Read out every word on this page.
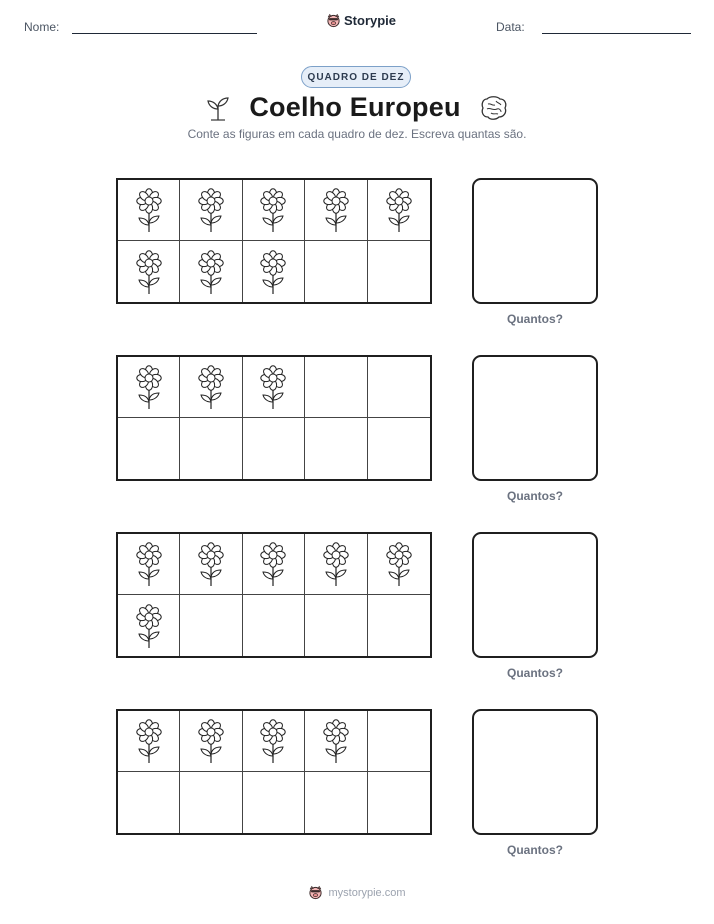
Nome:	Storypie	Data:
QUADRO DE DEZ
Coelho Europeu
Conte as figuras em cada quadro de dez. Escreva quantas são.
Quantos?
Quantos?
Quantos?
Quantos?
mystorypie.com
